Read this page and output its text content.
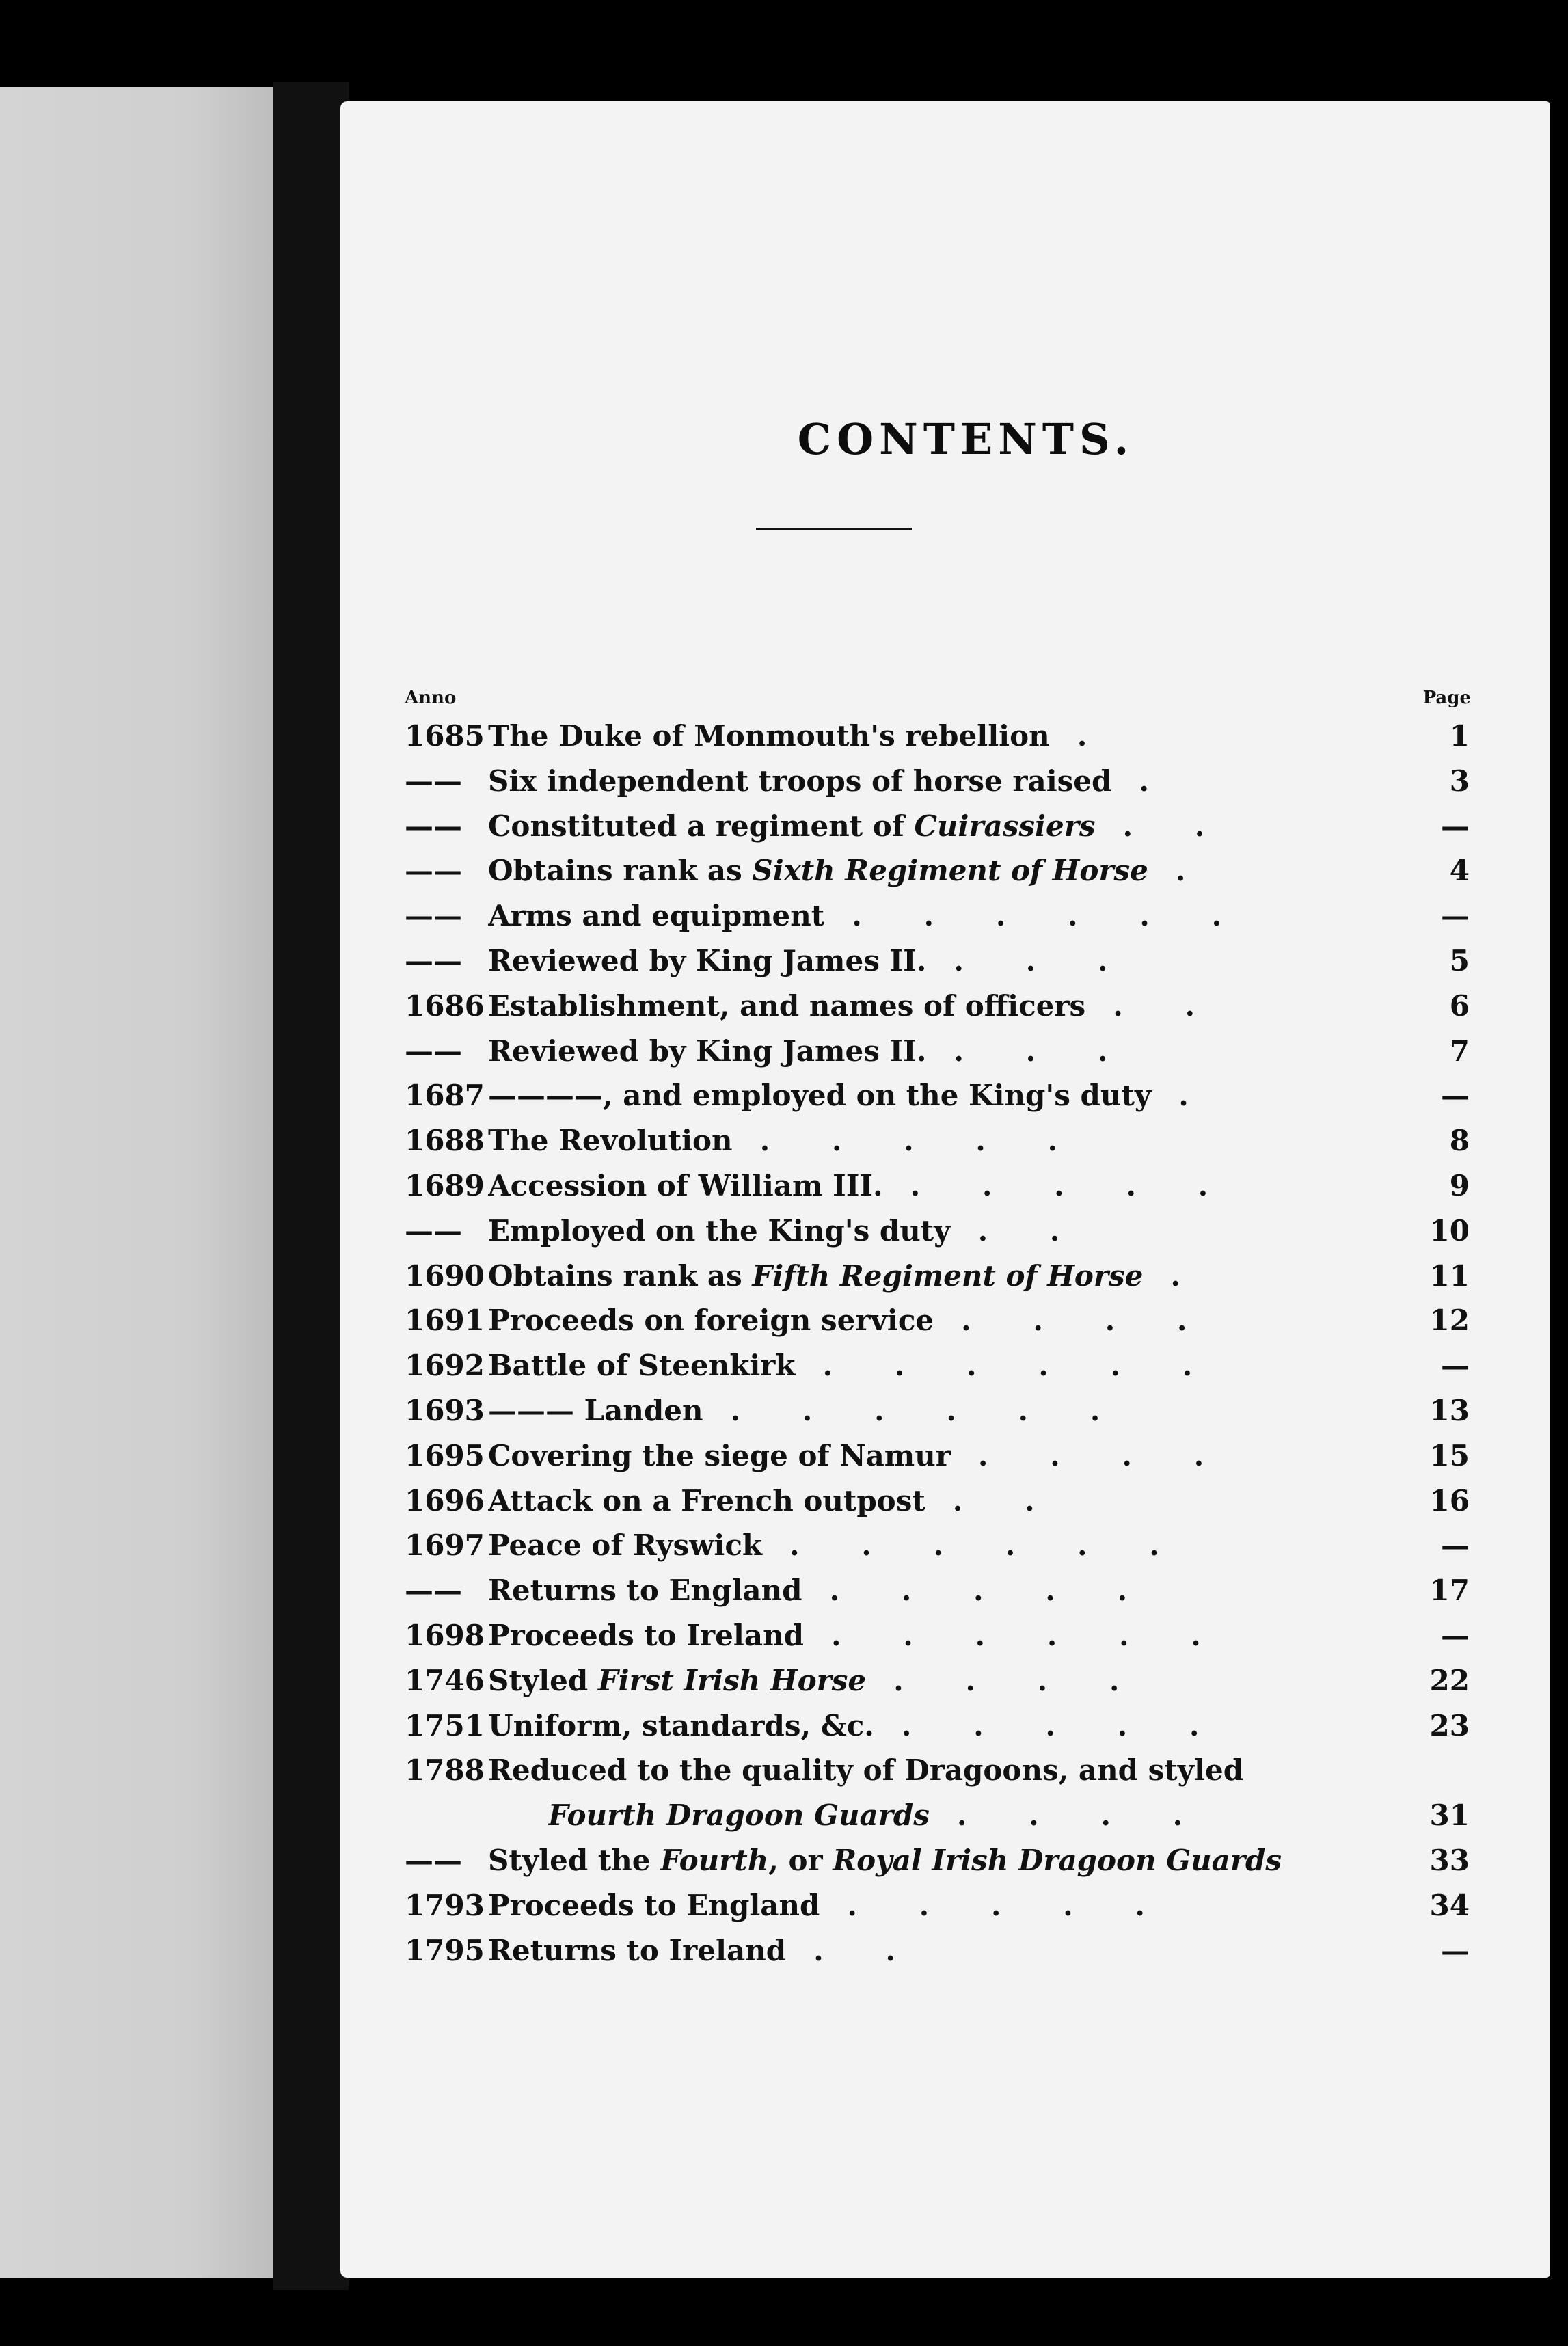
CONTENTS.
Anno	Page
1685 The Duke of Monmouth's rebellion .	1
—— Six independent troops of horse raised .	3
—— Constituted a regiment of Cuirassiers . .	—
—— Obtains rank as Sixth Regiment of Horse .	4
—— Arms and equipment . . . . . .	—
—— Reviewed by King James II. . . .	5
1686 Establishment, and names of officers . .	6
—— Reviewed by King James II. . . .	7
1687 ————, and employed on the King's duty .	—
1688 The Revolution . . . . .	8
1689 Accession of William III. . . . . .	9
—— Employed on the King's duty . .	10
1690 Obtains rank as Fifth Regiment of Horse .	11
1691 Proceeds on foreign service . . . .	12
1692 Battle of Steenkirk . . . . . .	—
1693 ——— Landen . . . . . .	13
1695 Covering the siege of Namur . . . .	15
1696 Attack on a French outpost . .	16
1697 Peace of Ryswick . . . . . .	—
—— Returns to England . . . . .	17
1698 Proceeds to Ireland . . . . . .	—
1746 Styled First Irish Horse . . . .	22
1751 Uniform, standards, &c. . . . . .	23
1788 Reduced to the quality of Dragoons, and styled
Fourth Dragoon Guards . . . .	31
—— Styled the Fourth, or Royal Irish Dragoon Guards	33
1793 Proceeds to England . . . . .	34
1795 Returns to Ireland . .	—
